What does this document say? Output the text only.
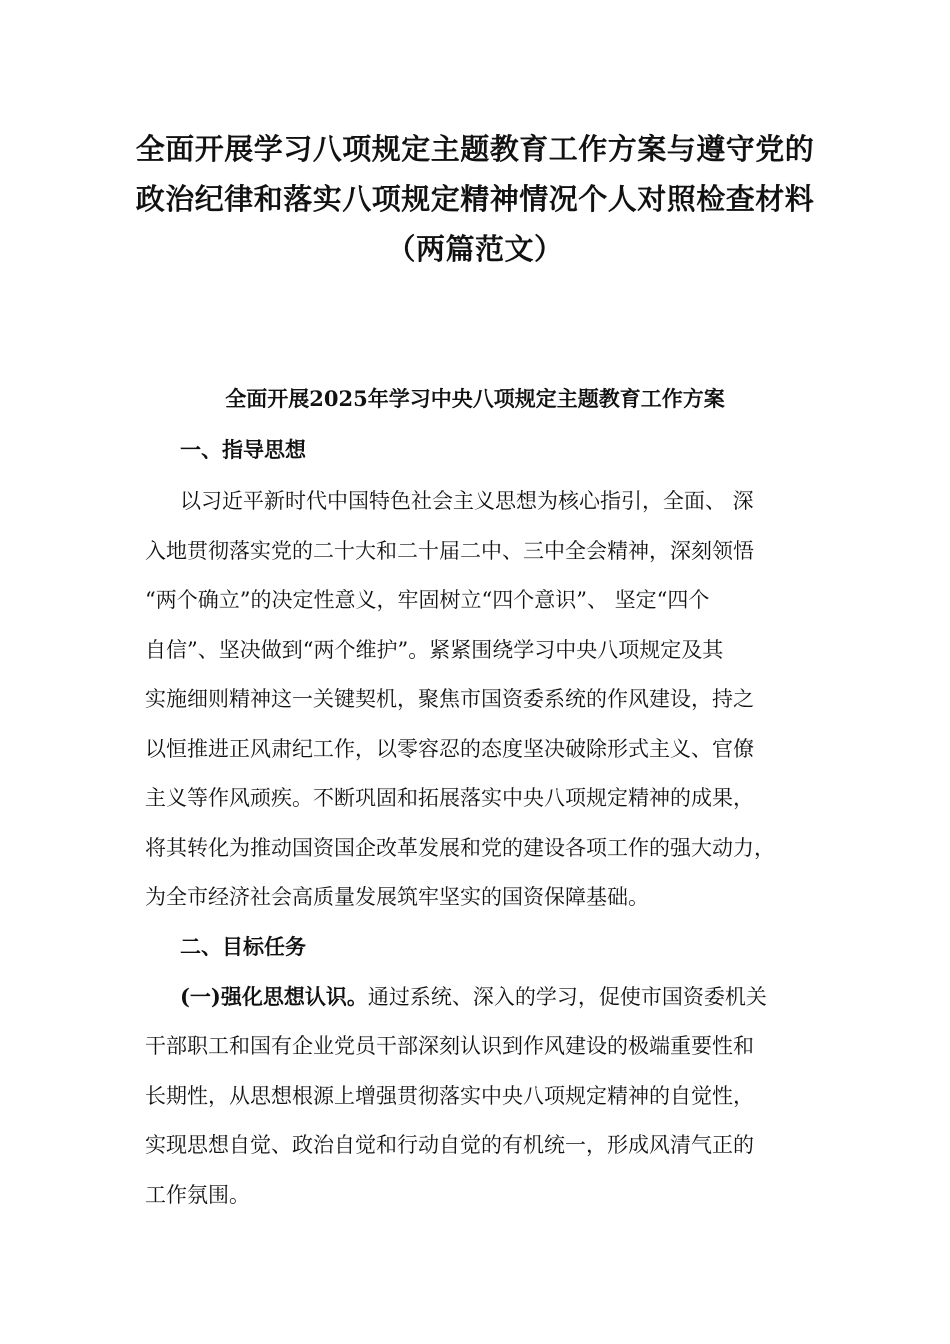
全面开展学习八项规定主题教育工作方案与遵守党的
政治纪律和落实八项规定精神情况个人对照检查材料
（两篇范文）
全面开展2025年学习中央八项规定主题教育工作方案
一、指导思想
以习近平新时代中国特色社会主义思想为核心指引，全面、 深
入地贯彻落实党的二十大和二十届二中、三中全会精神，深刻领悟
“两个确立”的决定性意义，牢固树立“四个意识”、 坚定“四个
自信”、坚决做到“两个维护”。紧紧围绕学习中央八项规定及其
实施细则精神这一关键契机，聚焦市国资委系统的作风建设，持之
以恒推进正风肃纪工作，以零容忍的态度坚决破除形式主义、官僚
主义等作风顽疾。不断巩固和拓展落实中央八项规定精神的成果，
将其转化为推动国资国企改革发展和党的建设各项工作的强大动力，
为全市经济社会高质量发展筑牢坚实的国资保障基础。
二、目标任务
(一)强化思想认识。通过系统、深入的学习，促使市国资委机关
干部职工和国有企业党员干部深刻认识到作风建设的极端重要性和
长期性，从思想根源上增强贯彻落实中央八项规定精神的自觉性，
实现思想自觉、政治自觉和行动自觉的有机统一，形成风清气正的
工作氛围。
